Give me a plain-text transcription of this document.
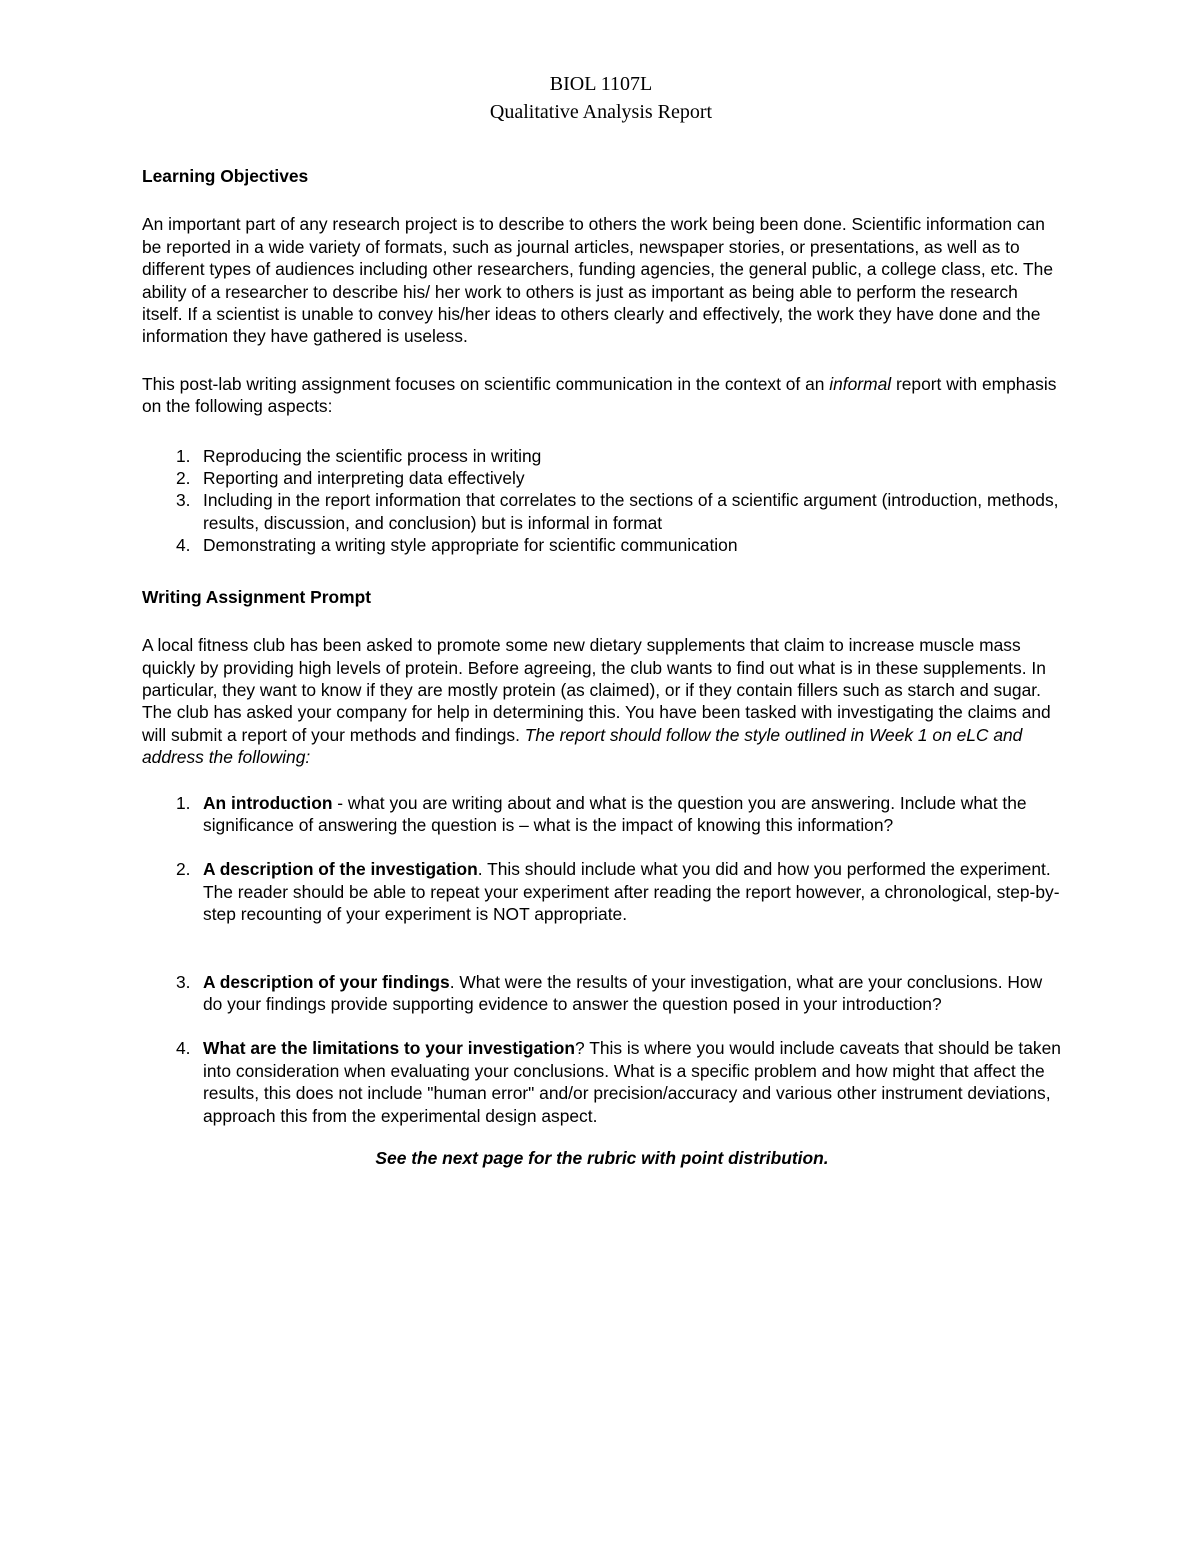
BIOL 1107L
Qualitative Analysis Report

Learning Objectives

An important part of any research project is to describe to others the work being been done. Scientific information can be reported in a wide variety of formats, such as journal articles, newspaper stories, or presentations, as well as to different types of audiences including other researchers, funding agencies, the general public, a college class, etc. The ability of a researcher to describe his/ her work to others is just as important as being able to perform the research itself. If a scientist is unable to convey his/her ideas to others clearly and effectively, the work they have done and the information they have gathered is useless.

This post-lab writing assignment focuses on scientific communication in the context of an informal report with emphasis on the following aspects:

1. Reproducing the scientific process in writing
2. Reporting and interpreting data effectively
3. Including in the report information that correlates to the sections of a scientific argument (introduction, methods, results, discussion, and conclusion) but is informal in format
4. Demonstrating a writing style appropriate for scientific communication

Writing Assignment Prompt

A local fitness club has been asked to promote some new dietary supplements that claim to increase muscle mass quickly by providing high levels of protein. Before agreeing, the club wants to find out what is in these supplements. In particular, they want to know if they are mostly protein (as claimed), or if they contain fillers such as starch and sugar. The club has asked your company for help in determining this. You have been tasked with investigating the claims and will submit a report of your methods and findings. The report should follow the style outlined in Week 1 on eLC and address the following:

1. An introduction - what you are writing about and what is the question you are answering. Include what the significance of answering the question is – what is the impact of knowing this information?
2. A description of the investigation. This should include what you did and how you performed the experiment. The reader should be able to repeat your experiment after reading the report however, a chronological, step-by-step recounting of your experiment is NOT appropriate.
3. A description of your findings. What were the results of your investigation, what are your conclusions. How do your findings provide supporting evidence to answer the question posed in your introduction?
4. What are the limitations to your investigation? This is where you would include caveats that should be taken into consideration when evaluating your conclusions. What is a specific problem and how might that affect the results, this does not include "human error" and/or precision/accuracy and various other instrument deviations, approach this from the experimental design aspect.

See the next page for the rubric with point distribution.
